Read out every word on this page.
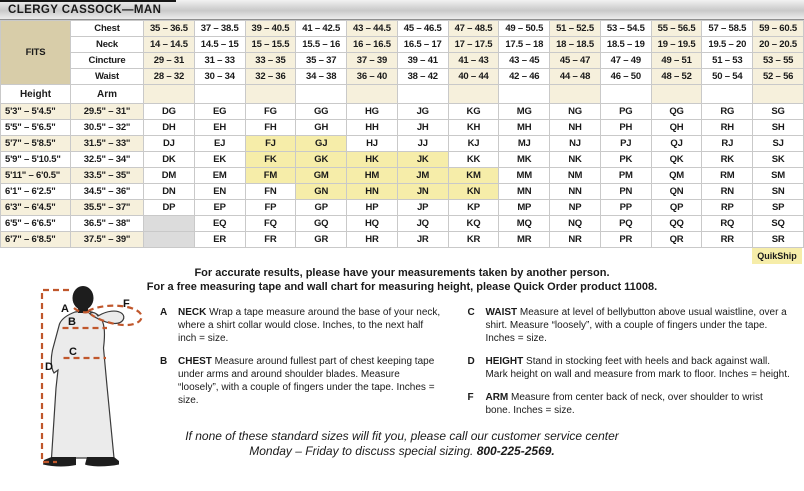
CLERGY CASSOCK—MAN
FITS	Chest	35 – 36.5	37 – 38.5	39 – 40.5	41 – 42.5	43 – 44.5	45 – 46.5	47 – 48.5	49 – 50.5	51 – 52.5	53 – 54.5	55 – 56.5	57 – 58.5	59 – 60.5
	Neck	14 – 14.5	14.5 – 15	15 – 15.5	15.5 – 16	16 – 16.5	16.5 – 17	17 – 17.5	17.5 – 18	18 – 18.5	18.5 – 19	19 – 19.5	19.5 – 20	20 – 20.5
	Cincture	29 – 31	31 – 33	33 – 35	35 – 37	37 – 39	39 – 41	41 – 43	43 – 45	45 – 47	47 – 49	49 – 51	51 – 53	53 – 55
	Waist	28 – 32	30 – 34	32 – 36	34 – 38	36 – 40	38 – 42	40 – 44	42 – 46	44 – 48	46 – 50	48 – 52	50 – 54	52 – 56
Height	Arm													
5'3" – 5'4.5"	29.5" – 31"	DG	EG	FG	GG	HG	JG	KG	MG	NG	PG	QG	RG	SG
5'5" – 5'6.5"	30.5" – 32"	DH	EH	FH	GH	HH	JH	KH	MH	NH	PH	QH	RH	SH
5'7" – 5'8.5"	31.5" – 33"	DJ	EJ	FJ	GJ	HJ	JJ	KJ	MJ	NJ	PJ	QJ	RJ	SJ
5'9" – 5'10.5"	32.5" – 34"	DK	EK	FK	GK	HK	JK	KK	MK	NK	PK	QK	RK	SK
5'11" – 6'0.5"	33.5" – 35"	DM	EM	FM	GM	HM	JM	KM	MM	NM	PM	QM	RM	SM
6'1" – 6'2.5"	34.5" – 36"	DN	EN	FN	GN	HN	JN	KN	MN	NN	PN	QN	RN	SN
6'3" – 6'4.5"	35.5" – 37"	DP	EP	FP	GP	HP	JP	KP	MP	NP	PP	QP	RP	SP
6'5" – 6'6.5"	36.5" – 38"		EQ	FQ	GQ	HQ	JQ	KQ	MQ	NQ	PQ	QQ	RQ	SQ
6'7" – 6'8.5"	37.5" – 39"		ER	FR	GR	HR	JR	KR	MR	NR	PR	QR	RR	SR
QuikShip
For accurate results, please have your measurements taken by another person.
For a free measuring tape and wall chart for measuring height, please Quick Order product 11008.
A
B
C
D
F
A NECK Wrap a tape measure around the base of your neck, where a shirt collar would close. Inches, to the next half inch = size.
B CHEST Measure around fullest part of chest keeping tape under arms and around shoulder blades. Measure “loosely”, with a couple of fingers under the tape. Inches = size.
C WAIST Measure at level of bellybutton above usual waistline, over a shirt. Measure “loosely”, with a couple of fingers under the tape. Inches = size.
D HEIGHT Stand in stocking feet with heels and back against wall. Mark height on wall and measure from mark to floor. Inches = height.
F ARM Measure from center back of neck, over shoulder to wrist bone. Inches = size.
If none of these standard sizes will fit you, please call our customer service center Monday – Friday to discuss special sizing. 800-225-2569.
